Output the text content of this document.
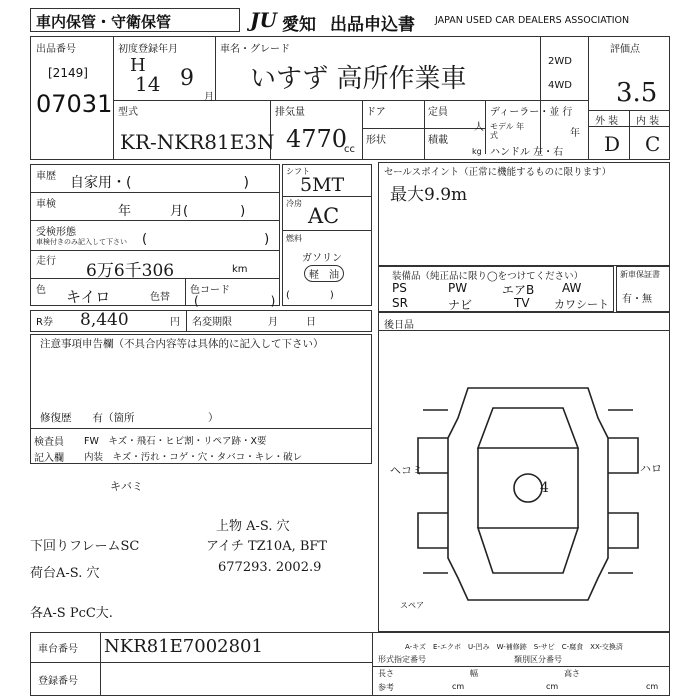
車内保管・守衛保管	JU 愛知 出品申込書 JAPAN USED CAR DEALERS ASSOCIATION
出品番号
[2149]
07031
初度登録年月
H
14 9
月
車名・グレード
いすず 高所作業車
2WD
4WD
型式
KR-NKR81E3N
排気量
4770
cc
ドア
形状
定員
人
積載
kg
ディーラー・並 行
モデル 年式	年
ハンドル 左・右
評価点
3.5
外 装 内 装
D C
車歴 自家用・(　　　　　　　　)
車検	年　　　月(　　　　)
受検形態
車検付きのみ記入して下さい (　　　　　　　　　)
走行 6万6千306	km
色 キイロ	色替
色コード
(　　　　　　)
シフト
5MT
冷房
AC
燃料
ガソリン
軽　油
(　　　　)
セールスポイント（正常に機能するものに限ります）
最大9.9m
装備品（純正品に限り◯をつけてください）
PS	PW	エアB AW
SR	ナビ	TV カワシート
新車保証書
有・無
R券 8,440	円 名変期限	月	日
注意事項申告欄（不具合内容等は具体的に記入して下さい）
修復歴　　有（箇所　　　　　　　）
検査員
記入欄
FW　キズ・飛石・ヒビ割・リペア跡・X要
内装　キズ・汚れ・コゲ・穴・タバコ・キレ・破レ
後日品
ヘコミ	ハロ
4
スペア
A-キズ　E-エクボ　U-凹み　W-補修跡　S-サビ　C-腐食　XX-交換済
キバミ
上物 A-S. 穴
下回りフレームSC	アイチ TZ10A, BFT
荷台A-S. 穴	677293. 2002.9
各A-S PcC大.
車台番号 NKR81E7002801
登録番号
形式指定番号	類別区分番号
長さ	幅	高さ
参考	cm	cm	cm
